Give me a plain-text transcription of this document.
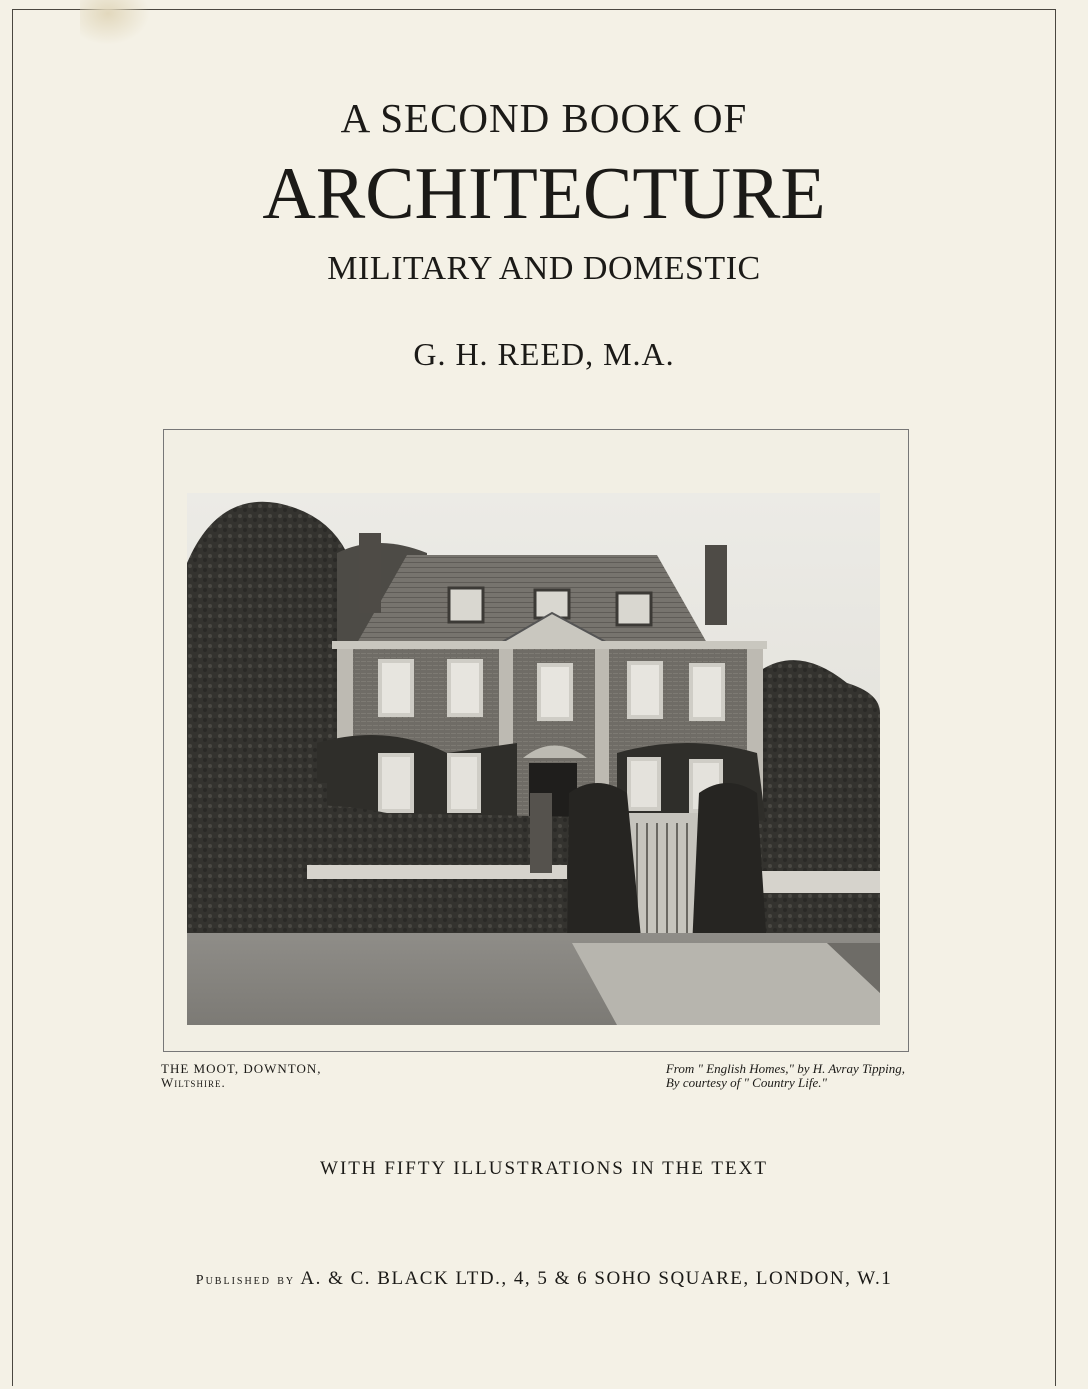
A SECOND BOOK OF
ARCHITECTURE
MILITARY AND DOMESTIC
G. H. REED, M.A.
THE MOOT, DOWNTON,
Wiltshire.
From " English Homes," by H. Avray Tipping,
By courtesy of " Country Life."
WITH FIFTY ILLUSTRATIONS IN THE TEXT
Published by A. & C. BLACK LTD., 4, 5 & 6 SOHO SQUARE, LONDON, W.1
